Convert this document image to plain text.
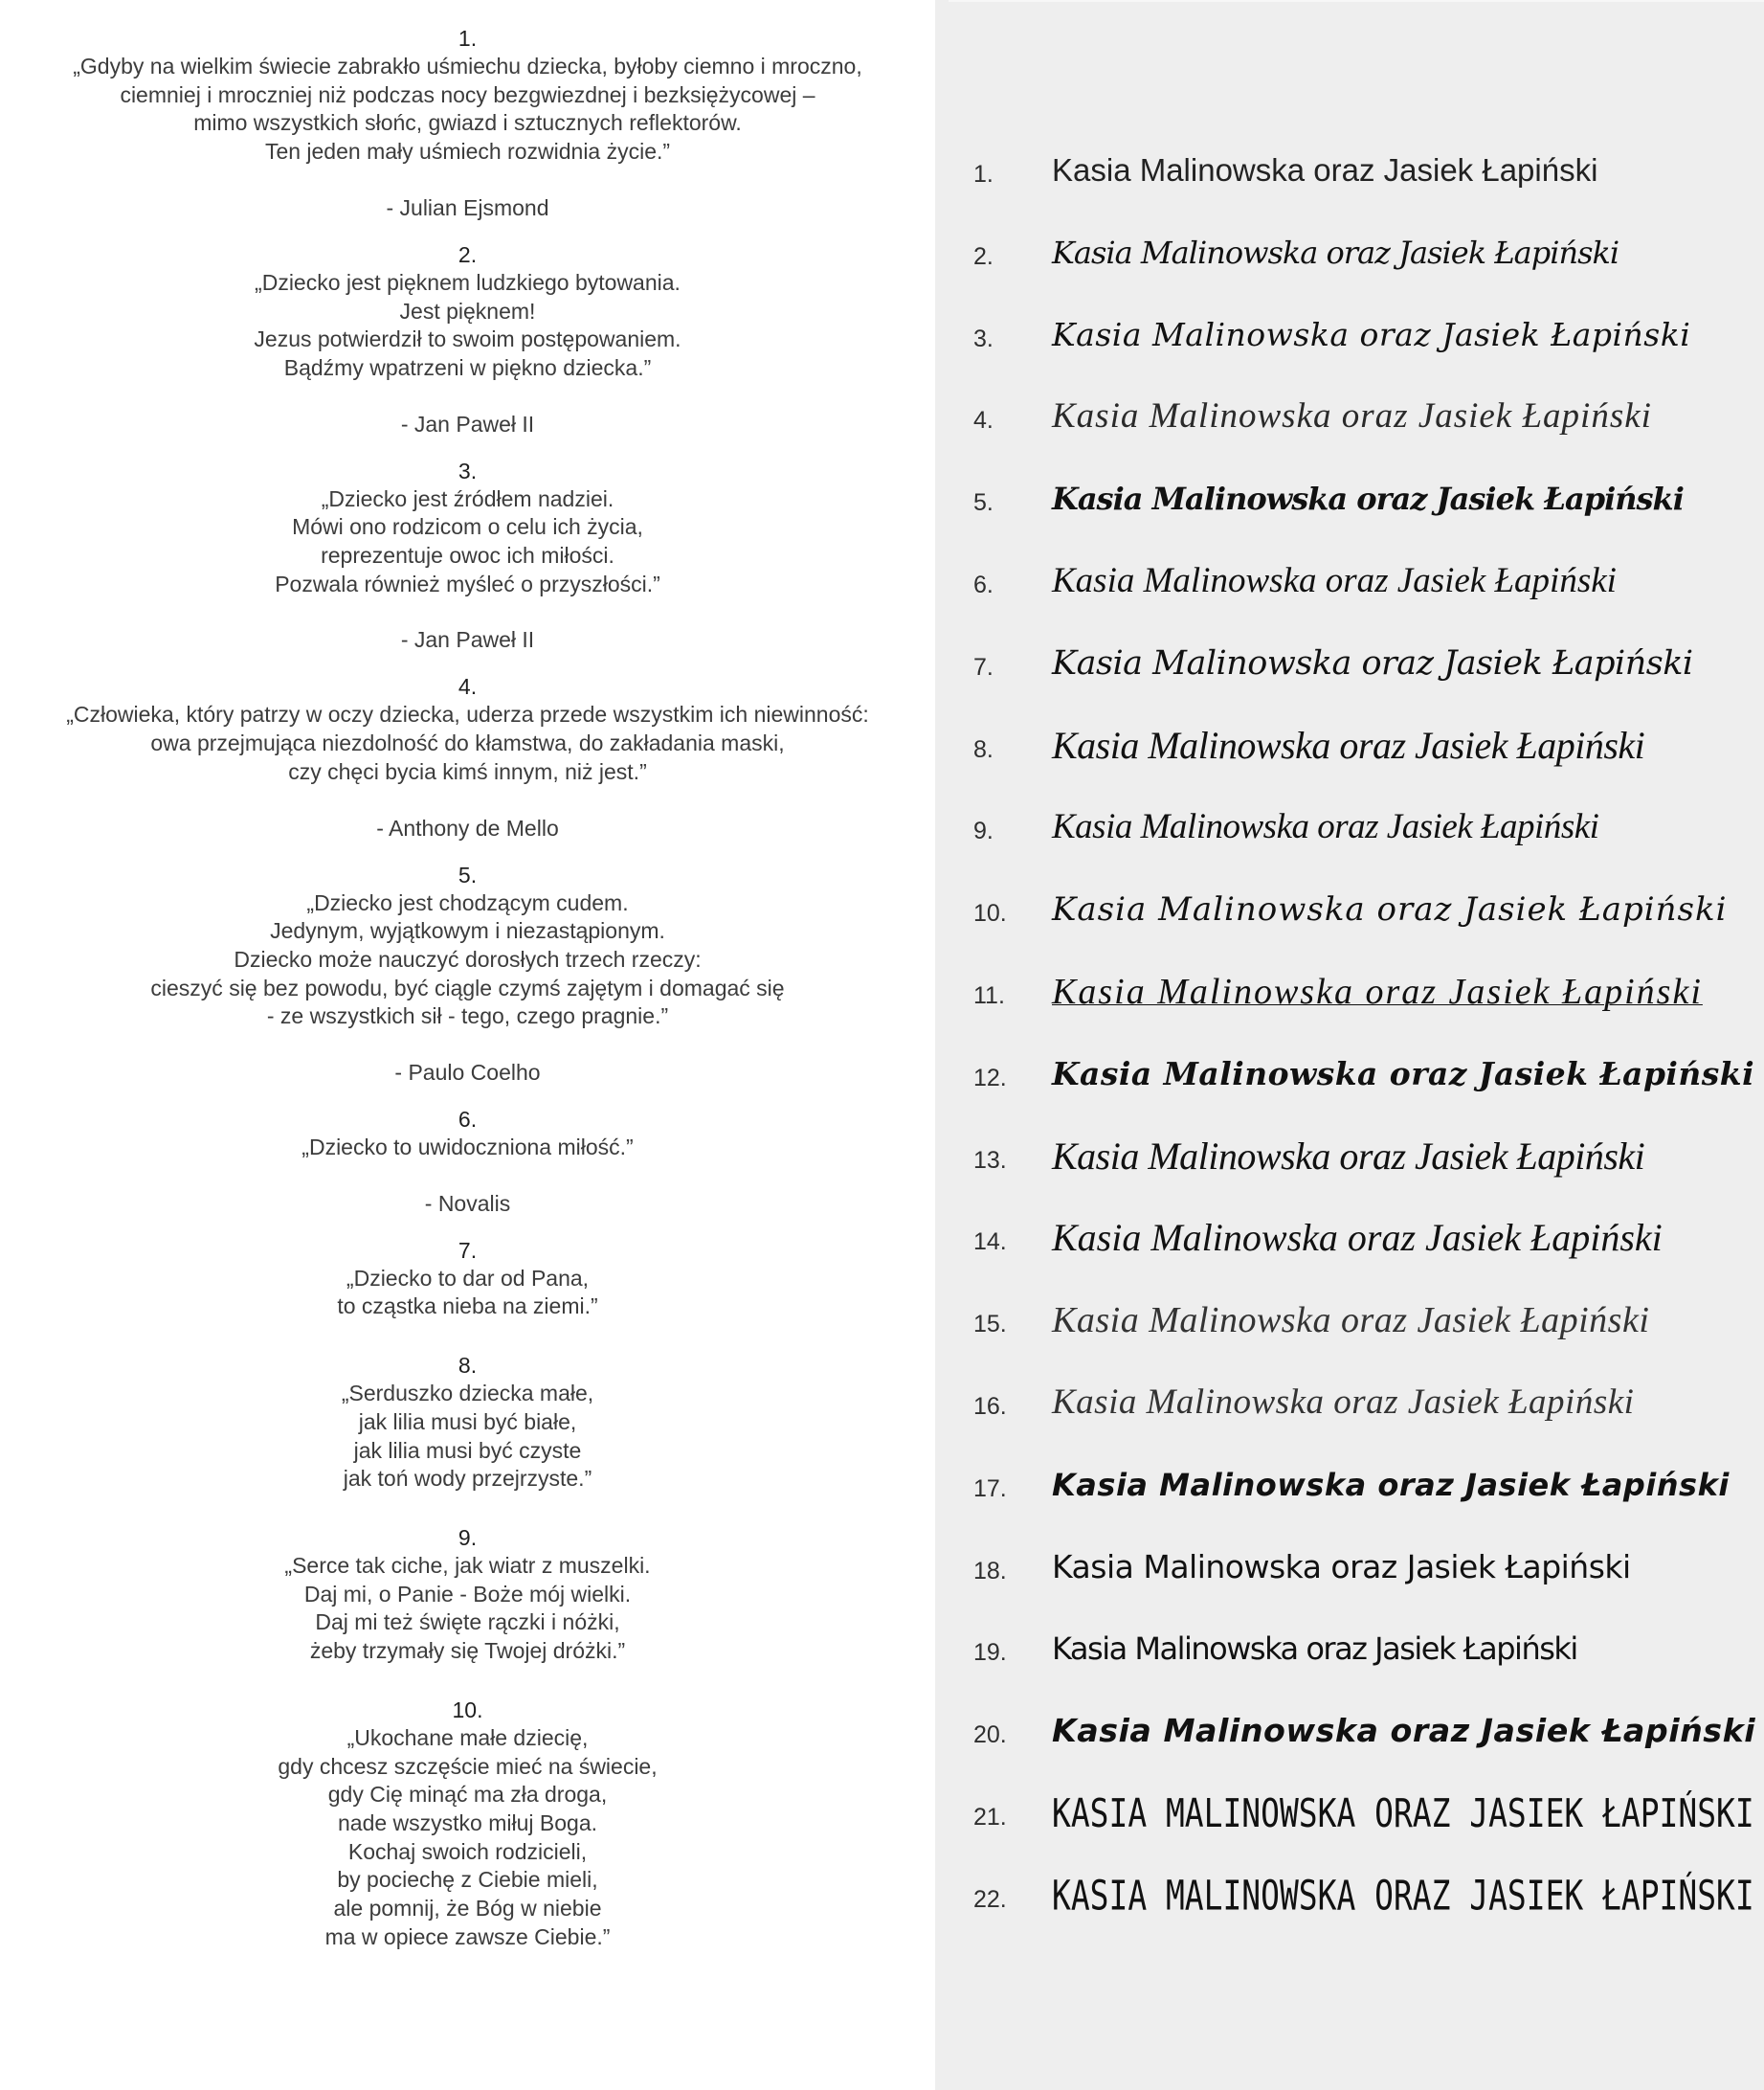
1.
„Gdyby na wielkim świecie zabrakło uśmiechu dziecka, byłoby ciemno i mroczno,
ciemniej i mroczniej niż podczas nocy bezgwiezdnej i bezksiężycowej –
mimo wszystkich słońc, gwiazd i sztucznych reflektorów.
Ten jeden mały uśmiech rozwidnia życie.”
- Julian Ejsmond
2.
„Dziecko jest pięknem ludzkiego bytowania.
Jest pięknem!
Jezus potwierdził to swoim postępowaniem.
Bądźmy wpatrzeni w piękno dziecka.”
- Jan Paweł II
3.
„Dziecko jest źródłem nadziei.
Mówi ono rodzicom o celu ich życia,
reprezentuje owoc ich miłości.
Pozwala również myśleć o przyszłości.”
- Jan Paweł II
4.
„Człowieka, który patrzy w oczy dziecka, uderza przede wszystkim ich niewinność:
owa przejmująca niezdolność do kłamstwa, do zakładania maski,
czy chęci bycia kimś innym, niż jest.”
- Anthony de Mello
5.
„Dziecko jest chodzącym cudem.
Jedynym, wyjątkowym i niezastąpionym.
Dziecko może nauczyć dorosłych trzech rzeczy:
cieszyć się bez powodu, być ciągle czymś zajętym i domagać się
- ze wszystkich sił - tego, czego pragnie.”
- Paulo Coelho
6.
„Dziecko to uwidoczniona miłość.”
- Novalis
7.
„Dziecko to dar od Pana,
to cząstka nieba na ziemi.”
8.
„Serduszko dziecka małe,
jak lilia musi być białe,
jak lilia musi być czyste
jak toń wody przejrzyste.”
9.
„Serce tak ciche, jak wiatr z muszelki.
Daj mi, o Panie - Boże mój wielki.
Daj mi też święte rączki i nóżki,
żeby trzymały się Twojej dróżki.”
10.
„Ukochane małe dziecię,
gdy chcesz szczęście mieć na świecie,
gdy Cię minąć ma zła droga,
nade wszystko miłuj Boga.
Kochaj swoich rodzicieli,
by pociechę z Ciebie mieli,
ale pomnij, że Bóg w niebie
ma w opiece zawsze Ciebie.”
1. Kasia Malinowska oraz Jasiek Łapiński
2. Kasia Malinowska oraz Jasiek Łapiński
3. Kasia Malinowska oraz Jasiek Łapiński
4. Kasia Malinowska oraz Jasiek Łapiński
5. Kasia Malinowska oraz Jasiek Łapiński
6. Kasia Malinowska oraz Jasiek Łapiński
7. Kasia Malinowska oraz Jasiek Łapiński
8. Kasia Malinowska oraz Jasiek Łapiński
9. Kasia Malinowska oraz Jasiek Łapiński
10. Kasia Malinowska oraz Jasiek Łapiński
11. Kasia Malinowska oraz Jasiek Łapiński
12. Kasia Malinowska oraz Jasiek Łapiński
13. Kasia Malinowska oraz Jasiek Łapiński
14. Kasia Malinowska oraz Jasiek Łapiński
15. Kasia Malinowska oraz Jasiek Łapiński
16. Kasia Malinowska oraz Jasiek Łapiński
17. Kasia Malinowska oraz Jasiek Łapiński
18. Kasia Malinowska oraz Jasiek Łapiński
19. Kasia Malinowska oraz Jasiek Łapiński
20. Kasia Malinowska oraz Jasiek Łapiński
21. KASIA MALINOWSKA ORAZ JASIEK ŁAPIŃSKI
22. KASIA MALINOWSKA ORAZ JASIEK ŁAPIŃSKI
